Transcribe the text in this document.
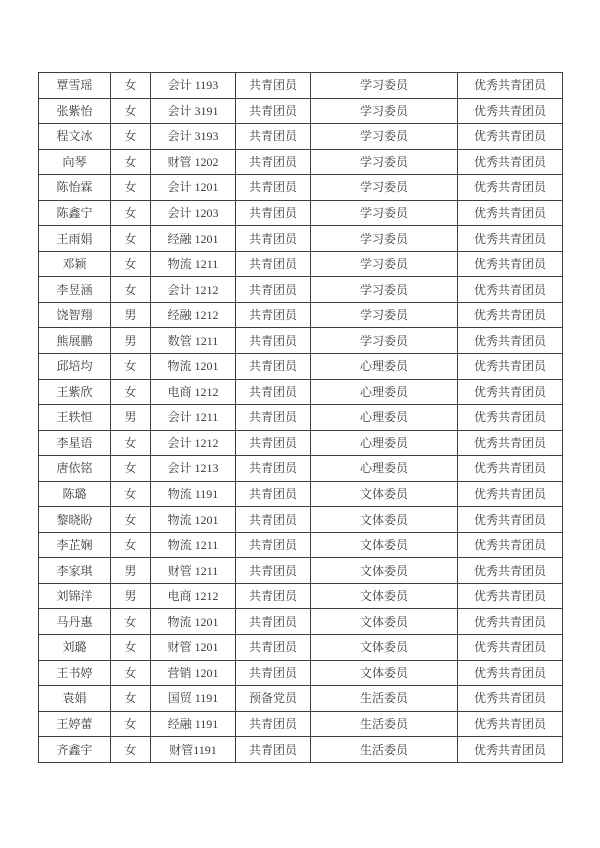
覃雪瑶	女	会计 1193	共青团员	学习委员	优秀共青团员
张紫怡	女	会计 3191	共青团员	学习委员	优秀共青团员
程文冰	女	会计 3193	共青团员	学习委员	优秀共青团员
向琴	女	财管 1202	共青团员	学习委员	优秀共青团员
陈怡霖	女	会计 1201	共青团员	学习委员	优秀共青团员
陈鑫宁	女	会计 1203	共青团员	学习委员	优秀共青团员
王雨娟	女	经融 1201	共青团员	学习委员	优秀共青团员
邓颖	女	物流 1211	共青团员	学习委员	优秀共青团员
李昱涵	女	会计 1212	共青团员	学习委员	优秀共青团员
饶智翔	男	经融 1212	共青团员	学习委员	优秀共青团员
熊展鹏	男	数管 1211	共青团员	学习委员	优秀共青团员
邱培均	女	物流 1201	共青团员	心理委员	优秀共青团员
王紫欣	女	电商 1212	共青团员	心理委员	优秀共青团员
王轶恒	男	会计 1211	共青团员	心理委员	优秀共青团员
李星语	女	会计 1212	共青团员	心理委员	优秀共青团员
唐依铭	女	会计 1213	共青团员	心理委员	优秀共青团员
陈璐	女	物流 1191	共青团员	文体委员	优秀共青团员
黎晓盼	女	物流 1201	共青团员	文体委员	优秀共青团员
李芷娴	女	物流 1211	共青团员	文体委员	优秀共青团员
李家琪	男	财管 1211	共青团员	文体委员	优秀共青团员
刘锦洋	男	电商 1212	共青团员	文体委员	优秀共青团员
马丹惠	女	物流 1201	共青团员	文体委员	优秀共青团员
刘璐	女	财管 1201	共青团员	文体委员	优秀共青团员
王书婷	女	营销 1201	共青团员	文体委员	优秀共青团员
袁娟	女	国贸 1191	预备党员	生活委员	优秀共青团员
王婷蕾	女	经融 1191	共青团员	生活委员	优秀共青团员
齐鑫宇	女	财管1191	共青团员	生活委员	优秀共青团员
